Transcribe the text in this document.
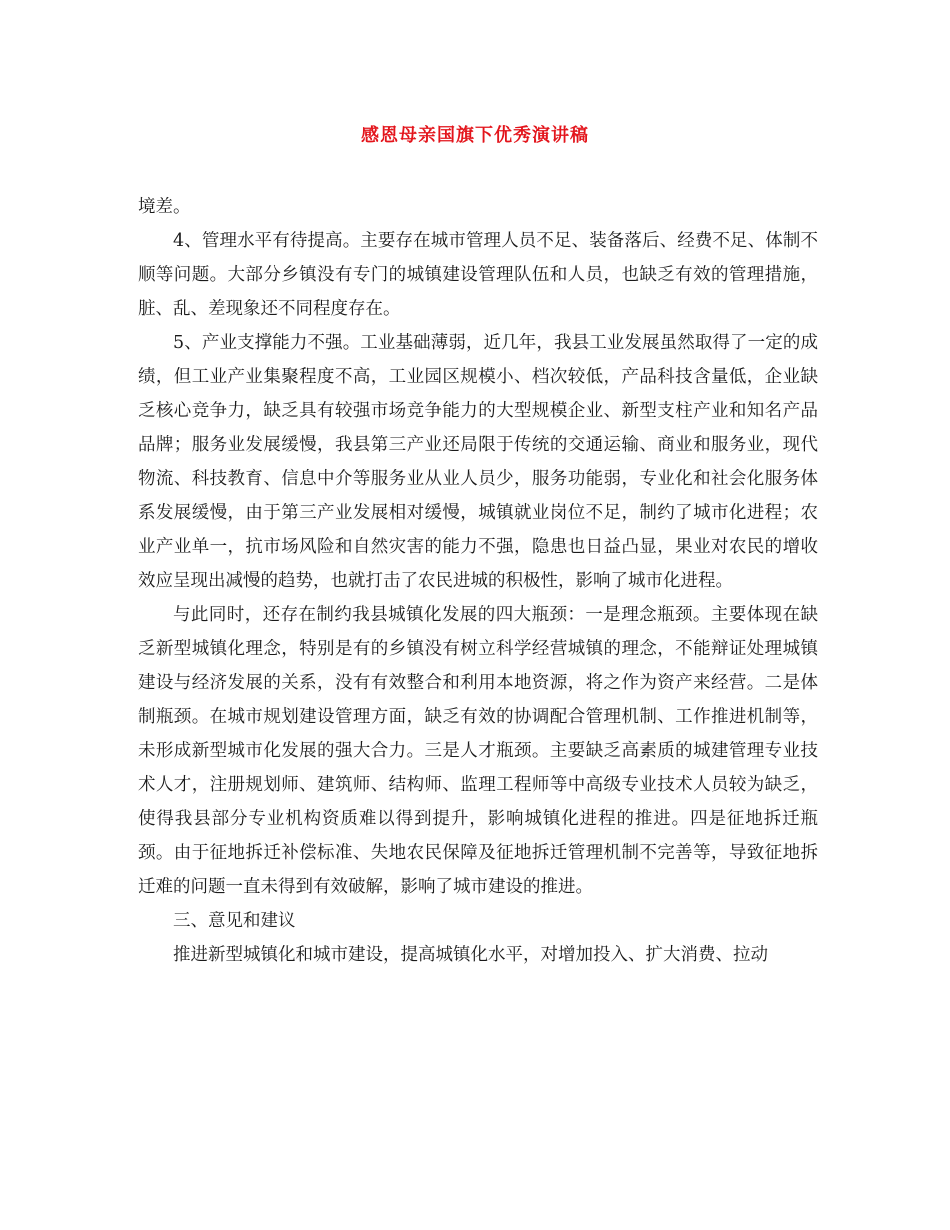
感恩母亲国旗下优秀演讲稿

境差。

4、管理水平有待提高。主要存在城市管理人员不足、装备落后、经费不足、体制不顺等问题。大部分乡镇没有专门的城镇建设管理队伍和人员，也缺乏有效的管理措施，脏、乱、差现象还不同程度存在。

5、产业支撑能力不强。工业基础薄弱，近几年，我县工业发展虽然取得了一定的成绩，但工业产业集聚程度不高，工业园区规模小、档次较低，产品科技含量低，企业缺乏核心竞争力，缺乏具有较强市场竞争能力的大型规模企业、新型支柱产业和知名产品品牌；服务业发展缓慢，我县第三产业还局限于传统的交通运输、商业和服务业，现代物流、科技教育、信息中介等服务业从业人员少，服务功能弱，专业化和社会化服务体系发展缓慢，由于第三产业发展相对缓慢，城镇就业岗位不足，制约了城市化进程；农业产业单一，抗市场风险和自然灾害的能力不强，隐患也日益凸显，果业对农民的增收效应呈现出减慢的趋势，也就打击了农民进城的积极性，影响了城市化进程。

与此同时，还存在制约我县城镇化发展的四大瓶颈：一是理念瓶颈。主要体现在缺乏新型城镇化理念，特别是有的乡镇没有树立科学经营城镇的理念，不能辩证处理城镇建设与经济发展的关系，没有有效整合和利用本地资源，将之作为资产来经营。二是体制瓶颈。在城市规划建设管理方面，缺乏有效的协调配合管理机制、工作推进机制等，未形成新型城市化发展的强大合力。三是人才瓶颈。主要缺乏高素质的城建管理专业技术人才，注册规划师、建筑师、结构师、监理工程师等中高级专业技术人员较为缺乏，使得我县部分专业机构资质难以得到提升，影响城镇化进程的推进。四是征地拆迁瓶颈。由于征地拆迁补偿标准、失地农民保障及征地拆迁管理机制不完善等，导致征地拆迁难的问题一直未得到有效破解，影响了城市建设的推进。

三、意见和建议

推进新型城镇化和城市建设，提高城镇化水平，对增加投入、扩大消费、拉动
